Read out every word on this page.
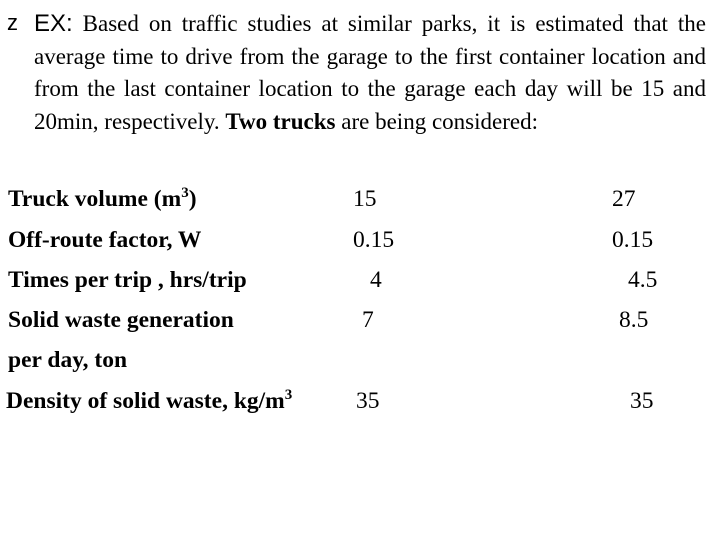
z EX: Based on traffic studies at similar parks, it is estimated that the average time to drive from the garage to the first container location and from the last container location to the garage each day will be 15 and 20min, respectively. Two trucks are being considered:
Truck volume $(m^3)$	15	27
Off-route factor, W	0.15	0.15
Times per trip , hrs/trip	4	4.5
Solid waste generation	7	8.5
per day, ton
Density of solid waste, $kg/m^3$	35	35
